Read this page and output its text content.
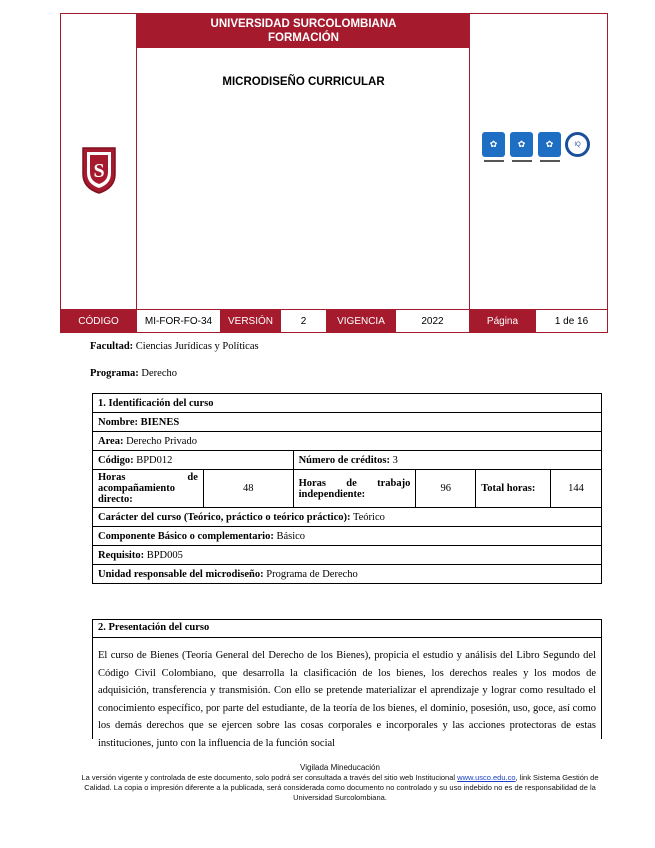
S
UNIVERSIDAD SURCOLOMBIANA
FORMACIÓN
MICRODISEÑO CURRICULAR
✿	✿	✿	IQ
CÓDIGO	MI-FOR-FO-34	VERSIÓN	2	VIGENCIA	2022	Página	1 de 16
Facultad: Ciencias Jurídicas y Políticas
Programa: Derecho
1. Identificación del curso					
Nombre: BIENES					
Area: Derecho Privado					
Código: BPD012		Número de créditos: 3			
Horas de acompañamiento directo:	48	Horas de trabajo independiente:	96	Total horas:	144
Carácter del curso (Teórico, práctico o teórico práctico): Teórico					
Componente Básico o complementario: Básico					
Requisito: BPD005					
Unidad responsable del microdiseño: Programa de Derecho					
2. Presentación del curso
El curso de Bienes (Teoría General del Derecho de los Bienes), propicia el estudio y análisis del Libro Segundo del Código Civil Colombiano, que desarrolla la clasificación de los bienes, los derechos reales y los modos de adquisición, transferencia y transmisión. Con ello se pretende materializar el aprendizaje y lograr como resultado el conocimiento específico, por parte del estudiante, de la teoría de los bienes, el dominio, posesión, uso, goce, así como los demás derechos que se ejercen sobre las cosas corporales e incorporales y las acciones protectoras de estas instituciones, junto con la influencia de la función social
Vigilada Mineducación
La versión vigente y controlada de este documento, solo podrá ser consultada a través del sitio web Institucional www.usco.edu.co, link Sistema Gestión de Calidad. La copia o impresión diferente a la publicada, será considerada como documento no controlado y su uso indebido no es de responsabilidad de la Universidad Surcolombiana.
